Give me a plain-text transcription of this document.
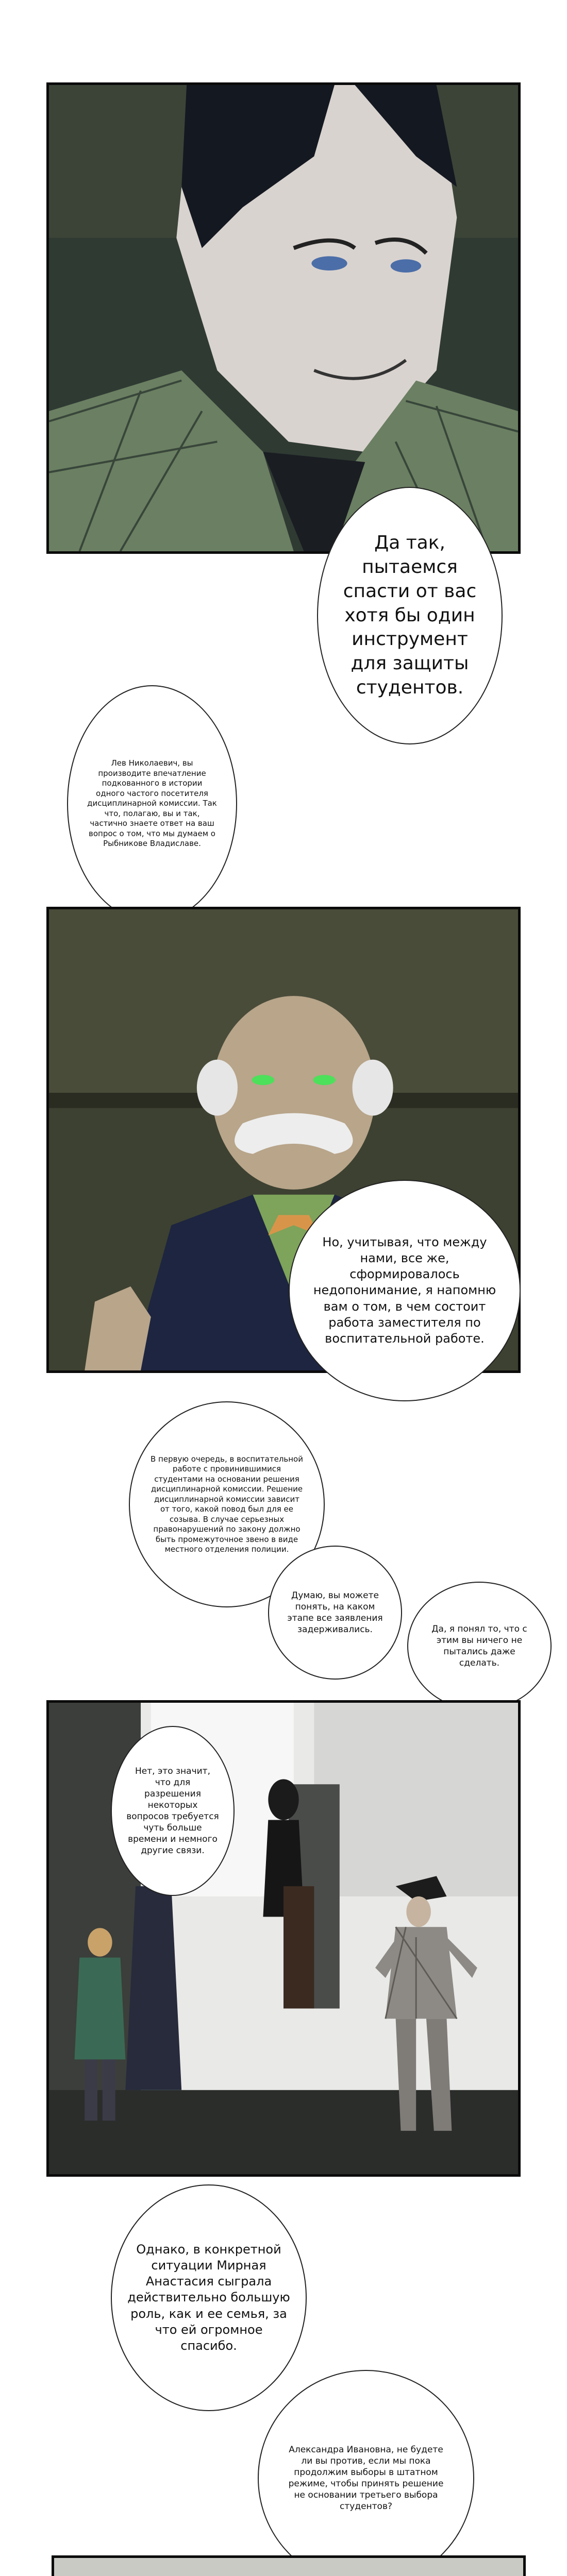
Да так, пытаемся спасти от вас хотя бы один инструмент для защиты студентов.
Лев Николаевич, вы производите впечатление подкованного в истории одного частого посетителя дисциплинарной комиссии. Так что, полагаю, вы и так, частично знаете ответ на ваш вопрос о том, что мы думаем о Рыбникове Владиславе.
Но, учитывая, что между нами, все же, сформировалось недопонимание, я напомню вам о том, в чем состоит работа заместителя по воспитательной работе.
В первую очередь, в воспитательной работе с провинившимися студентами на основании решения дисциплинарной комиссии. Решение дисциплинарной комиссии зависит от того, какой повод был для ее созыва. В случае серьезных правонарушений по закону должно быть промежуточное звено в виде местного отделения полиции.
Думаю, вы можете понять, на каком этапе все заявления задерживались.	Да, я понял то, что с этим вы ничего не пытались даже сделать.
Нет, это значит, что для разрешения некоторых вопросов требуется чуть больше времени и немного другие связи.
Однако, в конкретной ситуации Мирная Анастасия сыграла действительно большую роль, как и ее семья, за что ей огромное спасибо.
Александра Ивановна, не будете ли вы против, если мы пока продолжим выборы в штатном режиме, чтобы принять решение не основании третьего выбора студентов?
